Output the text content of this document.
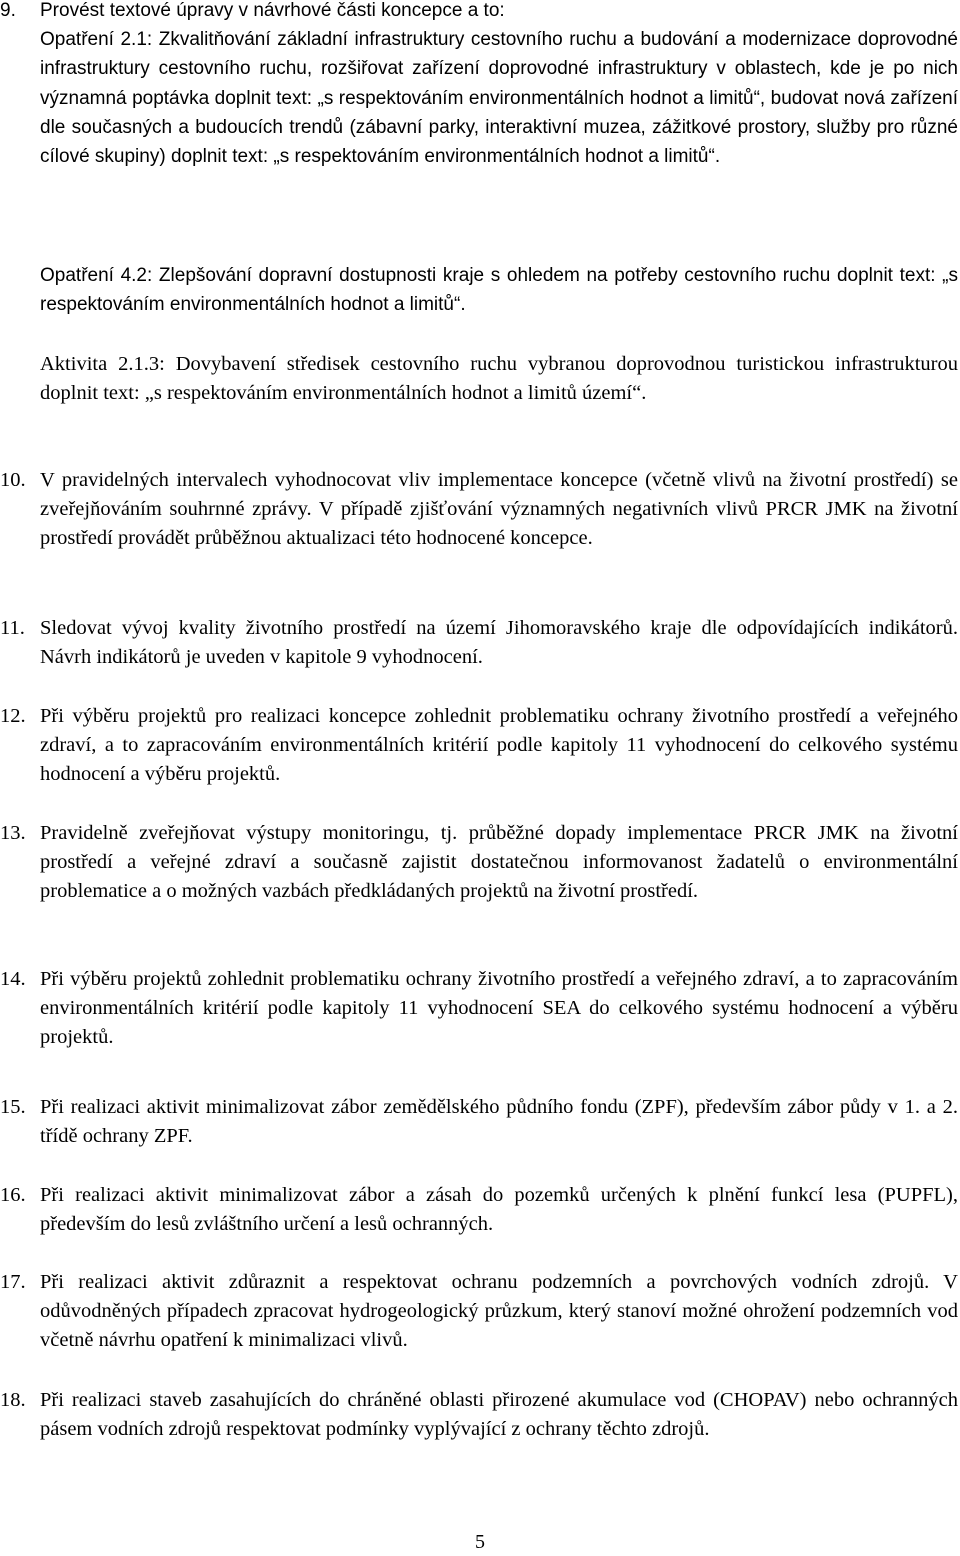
9.	Provést textové úpravy v návrhové části koncepce a to:

Opatření 2.1: Zkvalitňování základní infrastruktury cestovního ruchu a budování a modernizace doprovodné infrastruktury cestovního ruchu, rozšiřovat zařízení doprovodné infrastruktury v oblastech, kde je po nich významná poptávka doplnit text: „s respektováním environmentálních hodnot a limitů“, budovat nová zařízení dle současných a budoucích trendů (zábavní parky, interaktivní muzea, zážitkové prostory, služby pro různé cílové skupiny) doplnit text: „s respektováním environmentálních hodnot a limitů“.

Opatření 4.2: Zlepšování dopravní dostupnosti kraje s ohledem na potřeby cestovního ruchu doplnit text: „s respektováním environmentálních hodnot a limitů“.

Aktivita 2.1.3: Dovybavení středisek cestovního ruchu vybranou doprovodnou turistickou infrastrukturou doplnit text: „s respektováním environmentálních hodnot a limitů území“.

10. V pravidelných intervalech vyhodnocovat vliv implementace koncepce (včetně vlivů na životní prostředí) se zveřejňováním souhrnné zprávy. V případě zjišťování významných negativních vlivů PRCR JMK na životní prostředí provádět průběžnou aktualizaci této hodnocené koncepce.
11. Sledovat vývoj kvality životního prostředí na území Jihomoravského kraje dle odpovídajících indikátorů. Návrh indikátorů je uveden v kapitole 9 vyhodnocení.
12. Při výběru projektů pro realizaci koncepce zohlednit problematiku ochrany životního prostředí a veřejného zdraví, a to zapracováním environmentálních kritérií podle kapitoly 11 vyhodnocení do celkového systému hodnocení a výběru projektů.
13. Pravidelně zveřejňovat výstupy monitoringu, tj. průběžné dopady implementace PRCR JMK na životní prostředí a veřejné zdraví a současně zajistit dostatečnou informovanost žadatelů o environmentální problematice a o možných vazbách předkládaných projektů na životní prostředí.
14. Při výběru projektů zohlednit problematiku ochrany životního prostředí a veřejného zdraví, a to zapracováním environmentálních kritérií podle kapitoly 11 vyhodnocení SEA do celkového systému hodnocení a výběru projektů.
15. Při realizaci aktivit minimalizovat zábor zemědělského půdního fondu (ZPF), především zábor půdy v 1. a 2. třídě ochrany ZPF.
16. Při realizaci aktivit minimalizovat zábor a zásah do pozemků určených k plnění funkcí lesa (PUPFL), především do lesů zvláštního určení a lesů ochranných.
17. Při realizaci aktivit zdůraznit a respektovat ochranu podzemních a povrchových vodních zdrojů. V odůvodněných případech zpracovat hydrogeologický průzkum, který stanoví možné ohrožení podzemních vod včetně návrhu opatření k minimalizaci vlivů.
18. Při realizaci staveb zasahujících do chráněné oblasti přirozené akumulace vod (CHOPAV) nebo ochranných pásem vodních zdrojů respektovat podmínky vyplývající z ochrany těchto zdrojů.
5
